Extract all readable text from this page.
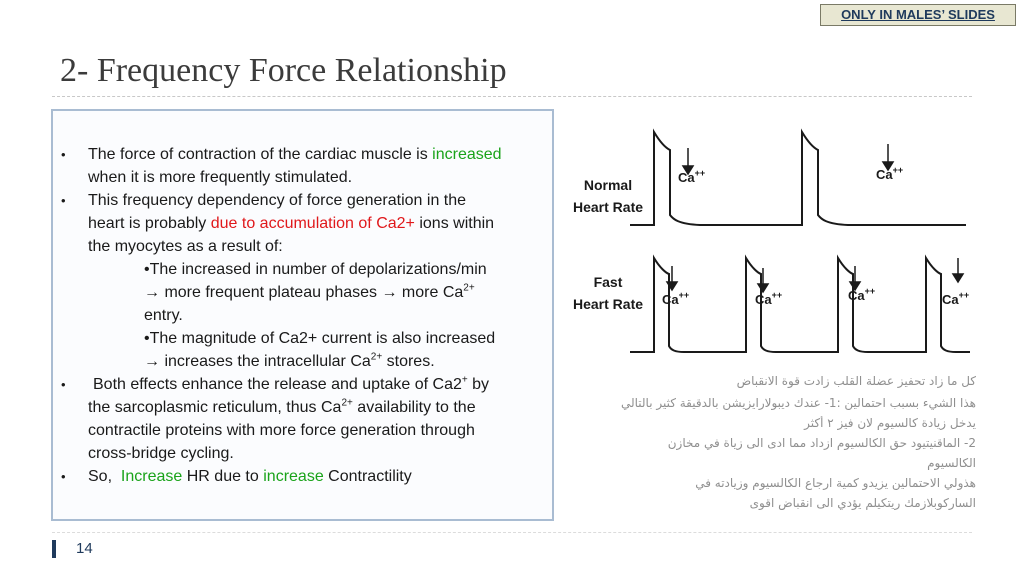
ONLY IN MALES’ SLIDES
2- Frequency Force Relationship
• The force of contraction of the cardiac muscle is increased
when it is more frequently stimulated.
• This frequency dependency of force generation in the
heart is probably due to accumulation of Ca2+ ions within
the myocytes as a result of:
•The increased in number of depolarizations/min
→ more frequent plateau phases → more $Ca^{2+}$
entry.
•The magnitude of Ca2+ current is also increased
→ increases the intracellular $Ca^{2+}$ stores.
• Both effects enhance the release and uptake of Ca2+ by
the sarcoplasmic reticulum, thus $Ca^{2+}$ availability to the
contractile proteins with more force generation through
cross-bridge cycling.
• So, Increase HR due to increase Contractility
Normal
Heart Rate
Fast
Heart Rate
Ca++	Ca++
Ca++	Ca++	Ca++
Ca++
كل ما زاد تحفيز عضلة القلب زادت قوة الانقباض
هذا الشيء بسبب احتمالين :1- عندك ديبولارايزيشن بالدقيقة كثير بالتالي
يدخل زيادة كالسيوم لان فيز ٢ أكثر
2- الماقنيتيود حق الكالسيوم ازداد مما ادى الى زياة في مخازن
الكالسيوم
هذولي الاحتمالين يزيدو كمية ارجاع الكالسيوم وزيادته في
الساركوبلازمك ريتكيلم يؤدي الى انقباض اقوى
14
